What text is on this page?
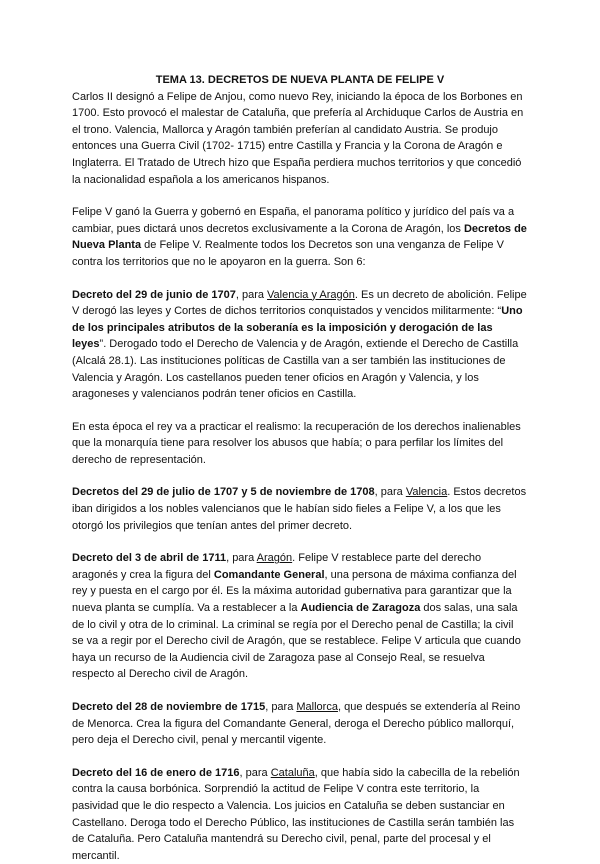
TEMA 13. DECRETOS DE NUEVA PLANTA DE FELIPE V

Carlos II designó a Felipe de Anjou, como nuevo Rey, iniciando la época de los Borbones en 1700. Esto provocó el malestar de Cataluña, que prefería al Archiduque Carlos de Austria en el trono. Valencia, Mallorca y Aragón también preferían al candidato Austria. Se produjo entonces una Guerra Civil (1702- 1715) entre Castilla y Francia y la Corona de Aragón e Inglaterra. El Tratado de Utrech hizo que España perdiera muchos territorios y que concedió la nacionalidad española a los americanos hispanos.

Felipe V ganó la Guerra y gobernó en España, el panorama político y jurídico del país va a cambiar, pues dictará unos decretos exclusivamente a la Corona de Aragón, los Decretos de Nueva Planta de Felipe V. Realmente todos los Decretos son una venganza de Felipe V contra los territorios que no le apoyaron en la guerra. Son 6:

Decreto del 29 de junio de 1707, para Valencia y Aragón. Es un decreto de abolición. Felipe V derogó las leyes y Cortes de dichos territorios conquistados y vencidos militarmente: “Uno de los principales atributos de la soberanía es la imposición y derogación de las leyes”. Derogado todo el Derecho de Valencia y de Aragón, extiende el Derecho de Castilla (Alcalá 28.1). Las instituciones políticas de Castilla van a ser también las instituciones de Valencia y Aragón. Los castellanos pueden tener oficios en Aragón y Valencia, y los aragoneses y valencianos podrán tener oficios en Castilla.

En esta época el rey va a practicar el realismo: la recuperación de los derechos inalienables que la monarquía tiene para resolver los abusos que había; o para perfilar los límites del derecho de representación.

Decretos del 29 de julio de 1707 y 5 de noviembre de 1708, para Valencia. Estos decretos iban dirigidos a los nobles valencianos que le habían sido fieles a Felipe V, a los que les otorgó los privilegios que tenían antes del primer decreto.

Decreto del 3 de abril de 1711, para Aragón. Felipe V restablece parte del derecho aragonés y crea la figura del Comandante General, una persona de máxima confianza del rey y puesta en el cargo por él. Es la máxima autoridad gubernativa para garantizar que la nueva planta se cumplía. Va a restablecer a la Audiencia de Zaragoza dos salas, una sala de lo civil y otra de lo criminal. La criminal se regía por el Derecho penal de Castilla; la civil se va a regir por el Derecho civil de Aragón, que se restablece. Felipe V articula que cuando haya un recurso de la Audiencia civil de Zaragoza pase al Consejo Real, se resuelva respecto al Derecho civil de Aragón.

Decreto del 28 de noviembre de 1715, para Mallorca, que después se extendería al Reino de Menorca. Crea la figura del Comandante General, deroga el Derecho público mallorquí, pero deja el Derecho civil, penal y mercantil vigente.

Decreto del 16 de enero de 1716, para Cataluña, que había sido la cabecilla de la rebelión contra la causa borbónica. Sorprendió la actitud de Felipe V contra este territorio, la pasividad que le dio respecto a Valencia. Los juicios en Cataluña se deben sustanciar en Castellano. Deroga todo el Derecho Público, las instituciones de Castilla serán también las de Cataluña. Pero Cataluña mantendrá su Derecho civil, penal, parte del procesal y el mercantil.
